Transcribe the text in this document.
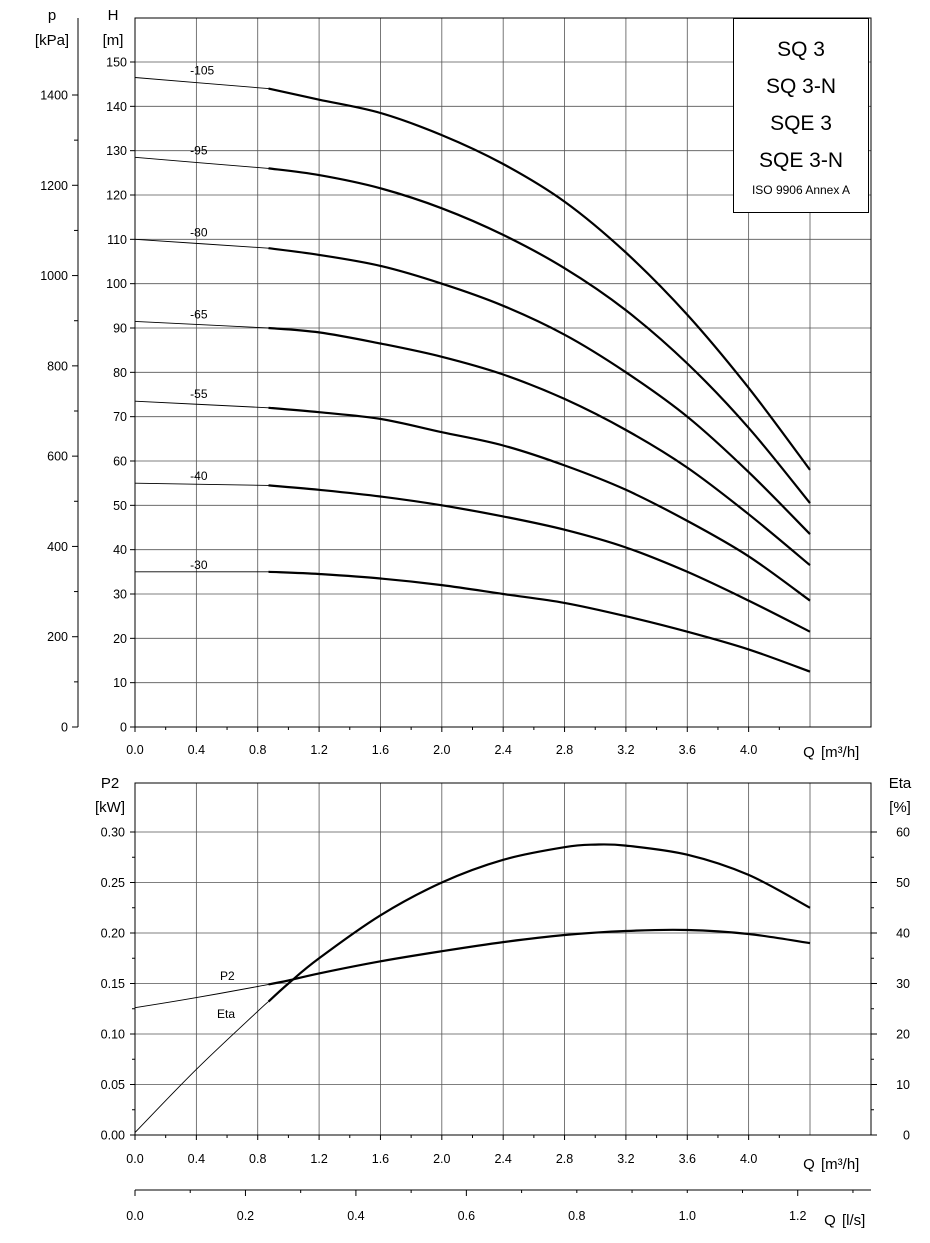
0
10
20
30
40
50
60
70
80
90
100
110
120
130
140
150
0
200
400
600
800
1000
1200
1400
0.0	0.4	0.8	1.2	1.6	2.0	2.4	2.8	3.2	3.6	4.0
-105
-95
-80
-65
-55
-40
-30
0.00
0.05
0.10
0.15
0.20
0.25
0.30
0
10
20
30
40
50
60
0.0	0.4	0.8	1.2	1.6	2.0	2.4	2.8	3.2	3.6	4.0
P2
Eta
0.0	0.2	0.4	0.6	0.8	1.0	1.2
p
[kPa]
H
[m]
Q [m³/h]
P2
[kW]
Eta
[%]
Q [m³/h]
Q [l/s]
SQ 3
SQ 3-N
SQE 3
SQE 3-N
ISO 9906 Annex A
